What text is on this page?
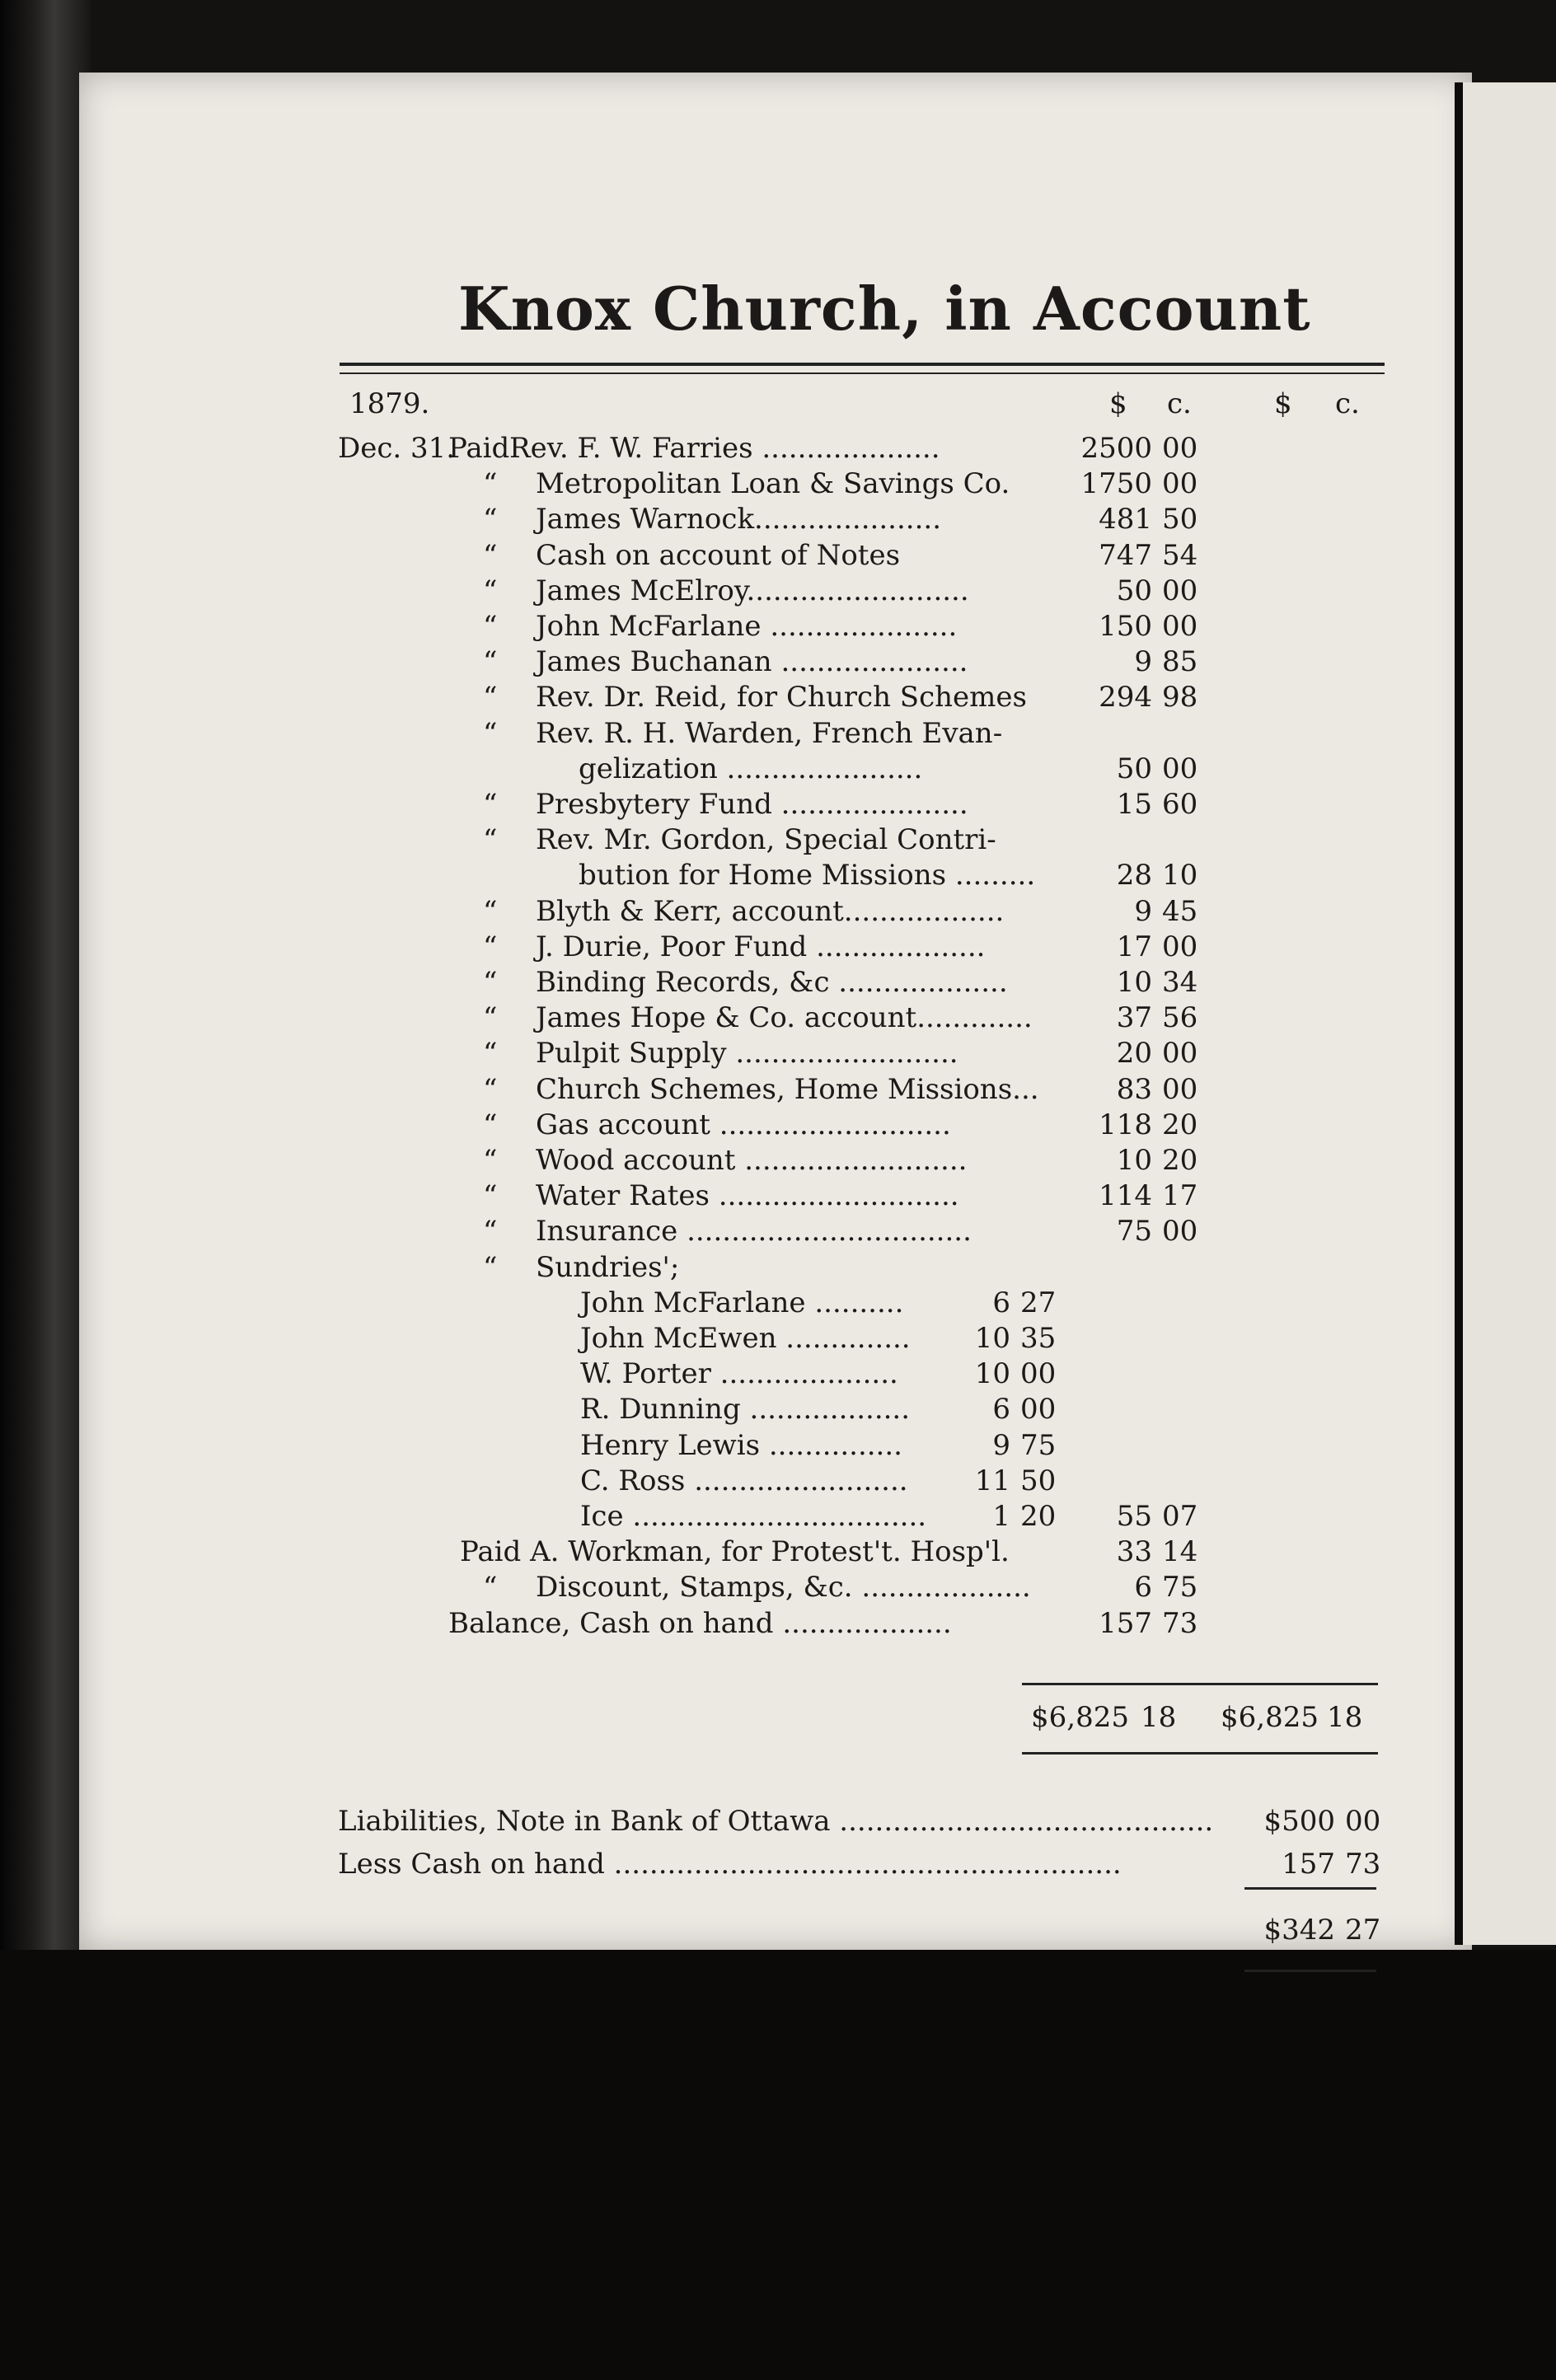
Knox Church, in Account
1879.	$ c.	$ c.
Dec. 31.
Paid Rev. F. W. Farries ....................	2500 00
“ Metropolitan Loan & Savings Co.	1750 00
“ James Warnock.....................	481 50
“ Cash on account of Notes	747 54
“ James McElroy.........................	50 00
“ John McFarlane .....................	150 00
“ James Buchanan .....................	9 85
“ Rev. Dr. Reid, for Church Schemes	294 98
“ Rev. R. H. Warden, French Evan-
gelization ......................	50 00
“ Presbytery Fund .....................	15 60
“ Rev. Mr. Gordon, Special Contri-
bution for Home Missions .........	28 10
“ Blyth & Kerr, account..................	9 45
“ J. Durie, Poor Fund ...................	17 00
“ Binding Records, &c ...................	10 34
“ James Hope & Co. account.............	37 56
“ Pulpit Supply .........................	20 00
“ Church Schemes, Home Missions...	83 00
“ Gas account ..........................	118 20
“ Wood account .........................	10 20
“ Water Rates ...........................	114 17
“ Insurance ................................	75 00
“ Sundries';
John McFarlane ..........	6 27
John McEwen ..............	10 35
W. Porter ....................	10 00
R. Dunning ..................	6 00
Henry Lewis ...............	9 75
C. Ross ........................	11 50
Ice .................................	1 20	55 07
Paid A. Workman, for Protest't. Hosp'l.	33 14
“ Discount, Stamps, &c. ...................	6 75
Balance, Cash on hand ...................	157 73
$6,825 18	$6,825 18
Liabilities, Note in Bank of Ottawa ..........................................	$500 00
Less Cash on hand .........................................................	157 73
$342 27
